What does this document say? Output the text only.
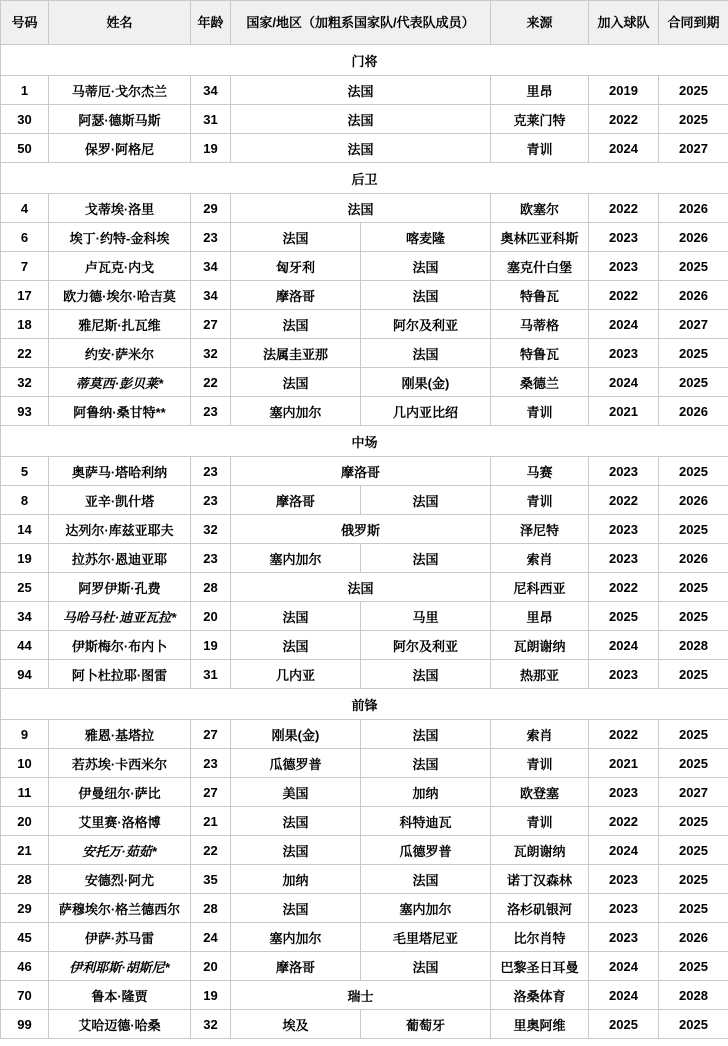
号码	姓名	年龄	国家/地区（加粗系国家队/代表队成员）		来源	加入球队	合同到期
门将							
1	马蒂厄·戈尔杰兰	34	法国		里昂	2019	2025
30	阿瑟·德斯马斯	31	法国		克莱门特	2022	2025
50	保罗·阿格尼	19	法国		青训	2024	2027
后卫							
4	戈蒂埃·洛里	29	法国		欧塞尔	2022	2026
6	埃丁·约特-金科埃	23	法国	喀麦隆	奥林匹亚科斯	2023	2026
7	卢瓦克·内戈	34	匈牙利	法国	塞克什白堡	2023	2025
17	欧力德·埃尔·哈吉莫	34	摩洛哥	法国	特鲁瓦	2022	2026
18	雅尼斯·扎瓦维	27	法国	阿尔及利亚	马蒂格	2024	2027
22	约安·萨米尔	32	法属圭亚那	法国	特鲁瓦	2023	2025
32	蒂莫西·彭贝莱*	22	法国	刚果(金)	桑德兰	2024	2025
93	阿鲁纳·桑甘特**	23	塞内加尔	几内亚比绍	青训	2021	2026
中场							
5	奥萨马·塔哈利纳	23	摩洛哥		马赛	2023	2025
8	亚辛·凯什塔	23	摩洛哥	法国	青训	2022	2026
14	达列尔·库兹亚耶夫	32	俄罗斯		泽尼特	2023	2025
19	拉苏尔·恩迪亚耶	23	塞内加尔	法国	索肖	2023	2026
25	阿罗伊斯·孔费	28	法国		尼科西亚	2022	2025
34	马哈马杜·迪亚瓦拉*	20	法国	马里	里昂	2025	2025
44	伊斯梅尔·布内卜	19	法国	阿尔及利亚	瓦朗谢纳	2024	2028
94	阿卜杜拉耶·图雷	31	几内亚	法国	热那亚	2023	2025
前锋							
9	雅恩·基塔拉	27	刚果(金)	法国	索肖	2022	2025
10	若苏埃·卡西米尔	23	瓜德罗普	法国	青训	2021	2025
11	伊曼纽尔·萨比	27	美国	加纳	欧登塞	2023	2027
20	艾里赛·洛格博	21	法国	科特迪瓦	青训	2022	2025
21	安托万·茹茹*	22	法国	瓜德罗普	瓦朗谢纳	2024	2025
28	安德烈·阿尤	35	加纳	法国	诺丁汉森林	2023	2025
29	萨穆埃尔·格兰德西尔	28	法国	塞内加尔	洛杉矶银河	2023	2025
45	伊萨·苏马雷	24	塞内加尔	毛里塔尼亚	比尔肖特	2023	2026
46	伊利耶斯·胡斯尼*	20	摩洛哥	法国	巴黎圣日耳曼	2024	2025
70	鲁本·隆贾	19	瑞士		洛桑体育	2024	2028
99	艾哈迈德·哈桑	32	埃及	葡萄牙	里奥阿维	2025	2025
